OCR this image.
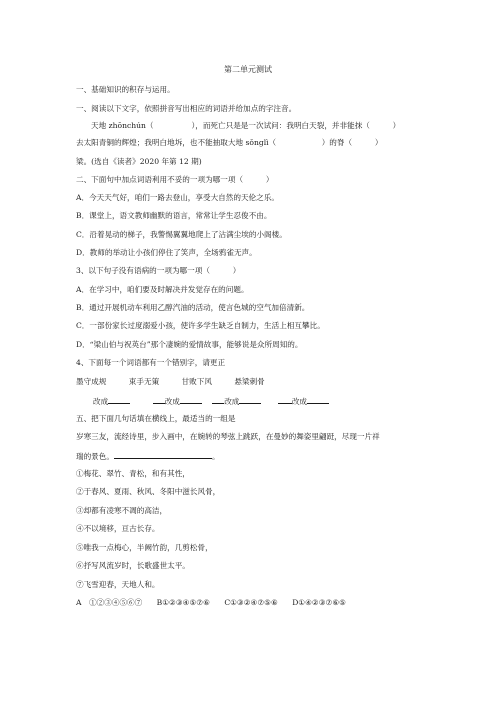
第二单元测试
一、基础知识的积存与运用。
一、阅读以下文字，依照拼音写出相应的词语并给加点的字注音。
天地 zhōnchún（　　　　　），而死亡只是是一次试问：我明白天裂，并非能抹（　　　）
去太阳青铜的辉煌；我明白地坼，也不能抽取大地 sǒnglì（　　　　　　）的脊（　　　）
梁。(选自《读者》2020 年第 12 期)
二、下面句中加点词语利用不妥的一项为哪一项（　　　）
A．今天天气好，咱们一路去登山，享受大自然的天伦之乐。
B．课堂上，语文教师幽默的语言，常常让学生忍俊不由。
C．沿着晃动的梯子，我警惕翼翼地爬上了沾满尘埃的小阁楼。
D．教师的举动让小孩们停住了笑声，全场鸦雀无声。
3、以下句子没有语病的一项为哪一项（　　　）
A．在学习中，咱们要及时解决并发觉存在的问题。
B．通过开展机动车利用乙醇汽油的活动，使言色城的空气加倍清新。
C．一部份家长过度溺爱小孩，使许多学生缺乏自制力，生活上相互攀比。
D．“梁山伯与祝英台”那个凄婉的爱情故事，能够说是众所周知的。
4、下面每一个词语都有一个错别字，请更正
墨守成规	束手无策	甘败下风	悬梁刺骨
改成	改成	改成	改成
五、把下面几句话填在横线上，最适当的一组是
岁寒三友，流经诗里，步入画中，在婉转的琴弦上跳跃，在曼妙的舞姿里翩跹，尽现一片祥
瑞的景色。	。
①梅花、翠竹、青松，和有其性，
②于春风、夏雨、秋风、冬阳中滋长风骨，
③却都有凌寒不凋的高洁，
④不以境移，亘古长存。
⑤唯我一点梅心，半阙竹韵，几剪松骨，
⑥抒写风流岁时，长歌盛世太平。
⑦飞雪迎春，天地人和。
A　①②③④⑤⑥⑦ B①②③④⑤⑦⑥ C①③②④⑦⑤⑥ D①④②③⑦⑥⑤
